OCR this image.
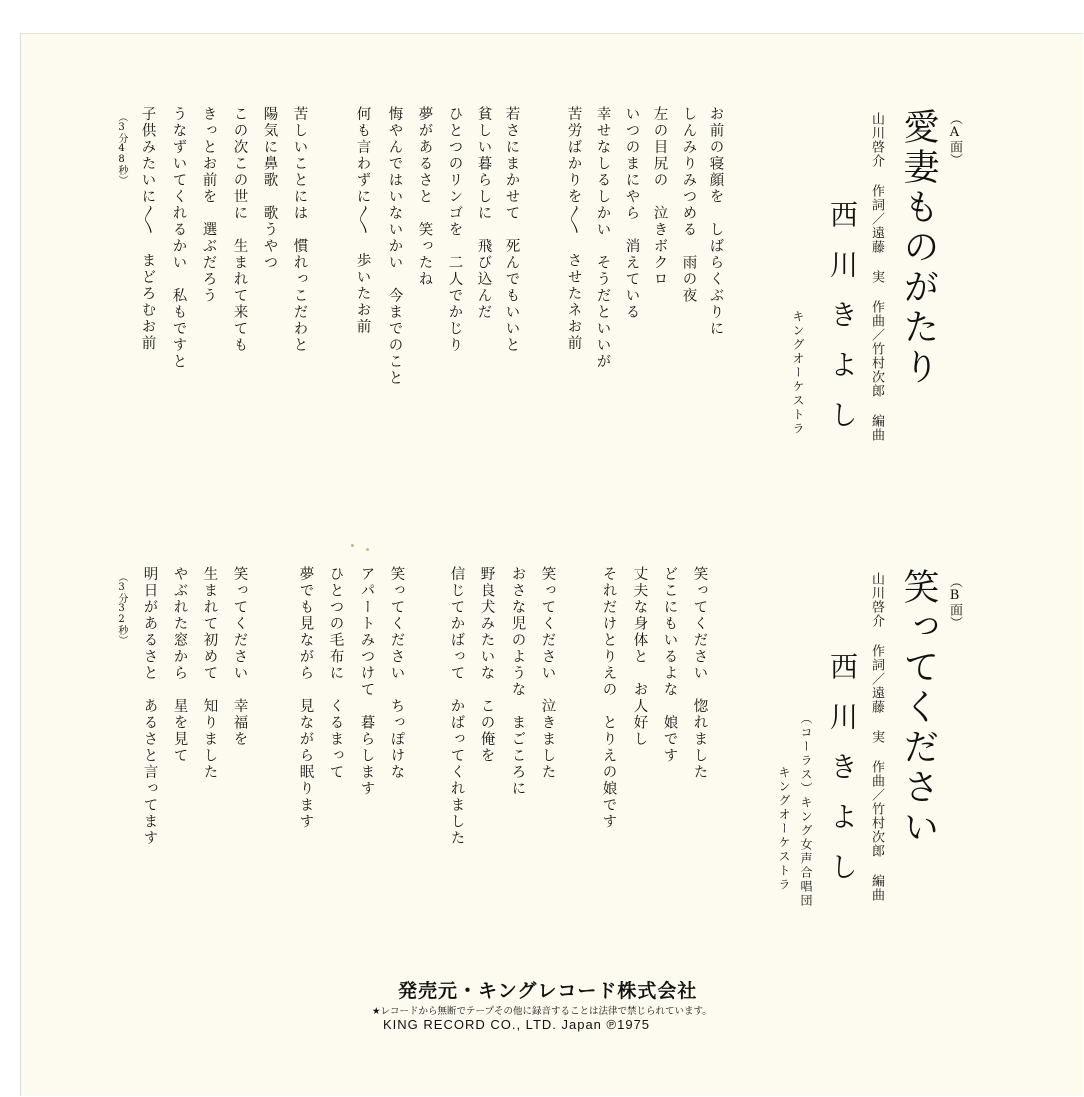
（A面）
愛妻ものがたり
山川啓介 作詞／遠藤 実 作曲／竹村次郎 編曲
西川きよし
キングオーケストラ
お前の寝顔を　しばらくぶりに
しんみりみつめる　雨の夜
左の目尻の　泣きボクロ
いつのまにやら　消えている
幸せなしるしかい　そうだといいが
苦労ばかりを〳〵　させたネお前
若さにまかせて　死んでもいいと
貧しい暮らしに　飛び込んだ
ひとつのリンゴを　二人でかじり
夢があるさと　笑ったね
悔やんではいないかい　今までのこと
何も言わずに〳〵　歩いたお前
苦しいことには　慣れっこだわと
陽気に鼻歌　歌うやつ
この次この世に　生まれて来ても
きっとお前を　選ぶだろう
うなずいてくれるかい　私もですと
子供みたいに〳〵　まどろむお前
（3分48秒）
（B面）
笑ってください
山川啓介 作詞／遠藤 実 作曲／竹村次郎 編曲
西川きよし
（コーラス）キング女声合唱団
キングオーケストラ
笑ってください　惚れました
どこにもいるよな　娘です
丈夫な身体と　お人好し
それだけとりえの　とりえの娘です
笑ってください　泣きました
おさな児のような　まごころに
野良犬みたいな　この俺を
信じてかばって　かばってくれました
笑ってください　ちっぽけな
アパートみつけて　暮らします
ひとつの毛布に　くるまって
夢でも見ながら　見ながら眠ります
笑ってください　幸福を
生まれて初めて　知りました
やぶれた窓から　星を見て
明日があるさと　あるさと言ってます
（3分32秒）
発売元・キングレコード株式会社
★レコードから無断でテープその他に録音することは法律で禁じられています。
KING RECORD CO., LTD. Japan ℗1975
